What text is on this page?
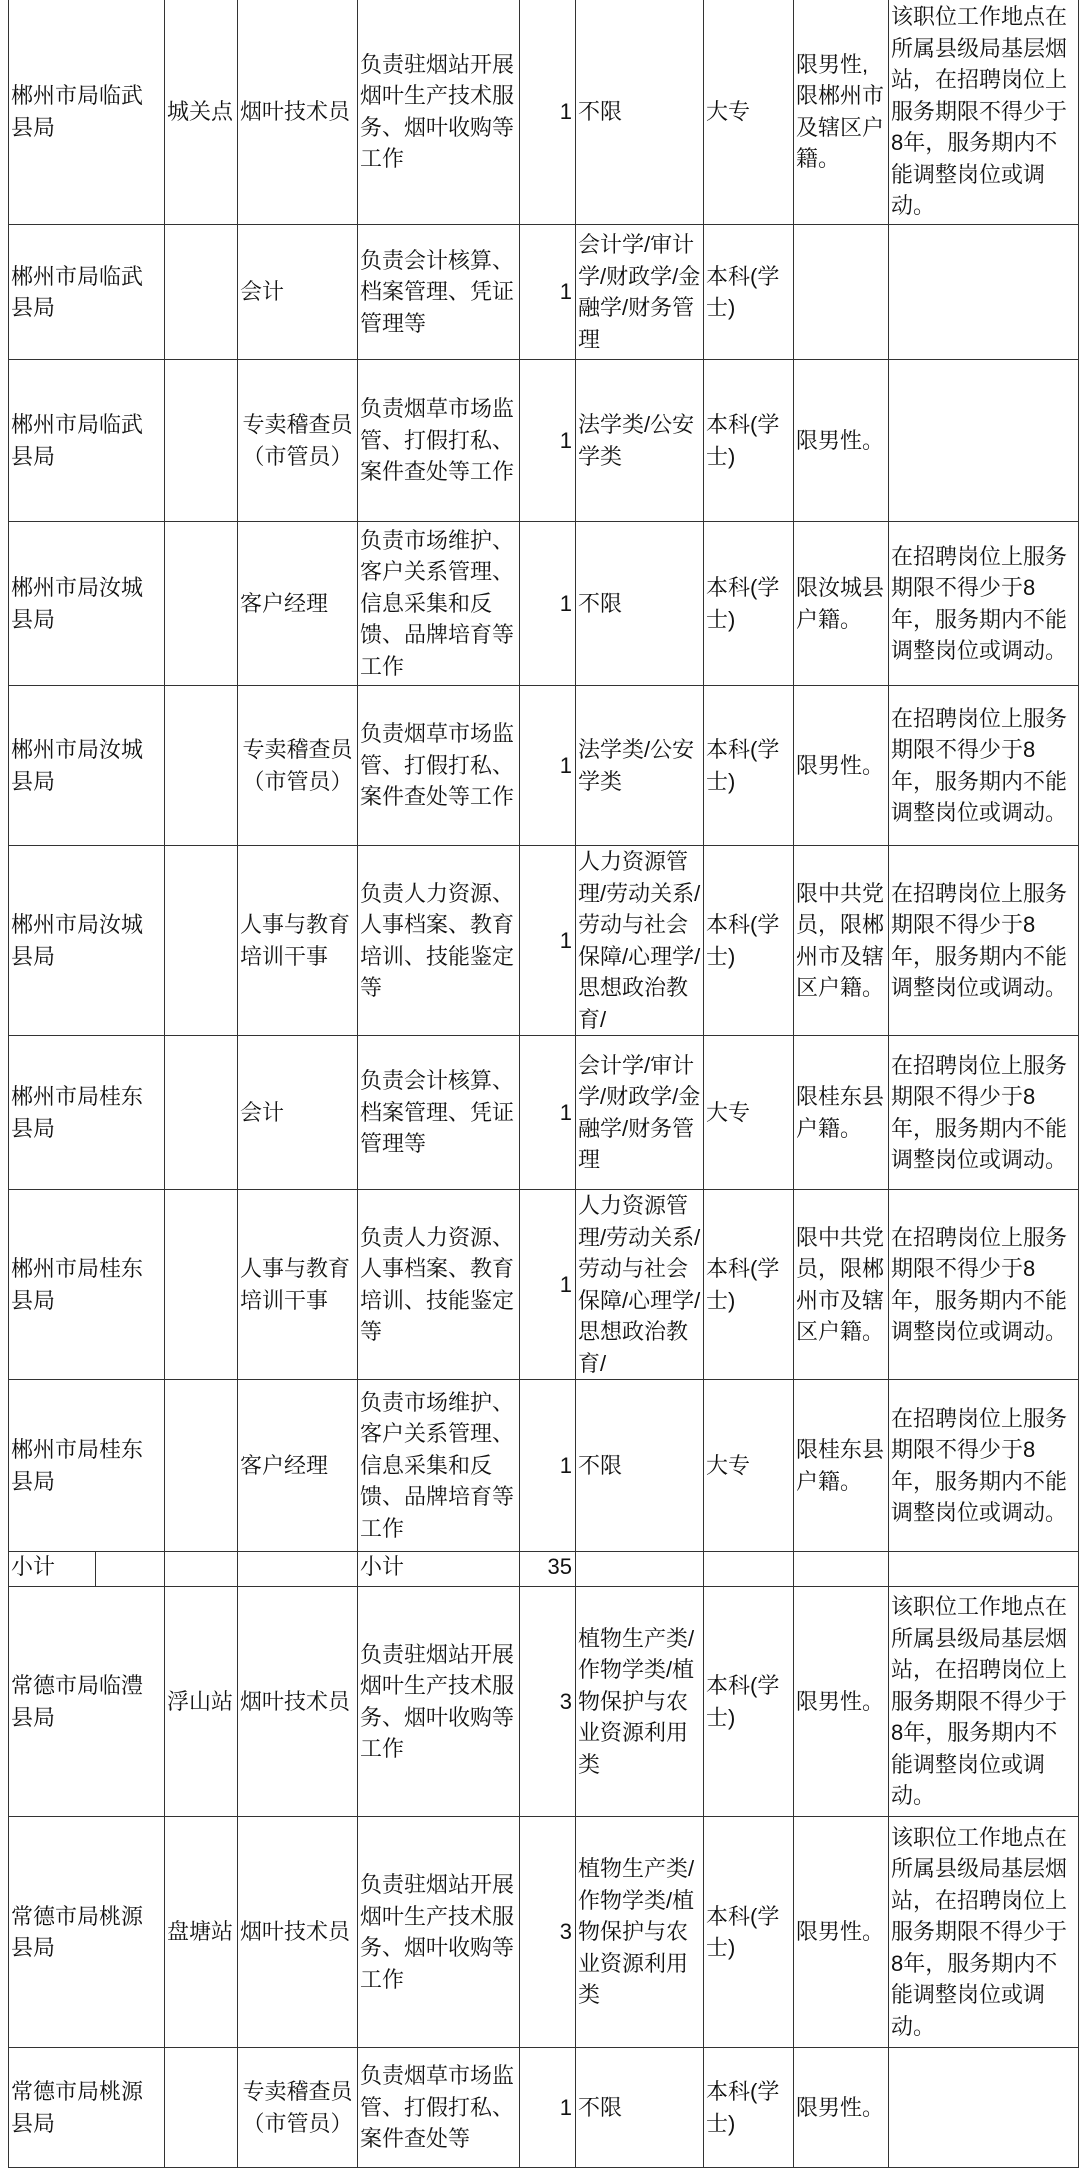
郴州市局临武县局	城关点	烟叶技术员	负责驻烟站开展烟叶生产技术服务、烟叶收购等工作	1	不限	大专	限男性,限郴州市及辖区户籍。	该职位工作地点在所属县级局基层烟站，在招聘岗位上服务期限不得少于8年，服务期内不能调整岗位或调动。
郴州市局临武县局		会计	负责会计核算、档案管理、凭证管理等	1	会计学/审计学/财政学/金融学/财务管理	本科(学士)		
郴州市局临武县局		专卖稽查员（市管员）	负责烟草市场监管、打假打私、案件查处等工作	1	法学类/公安学类	本科(学士)	限男性。	
郴州市局汝城县局		客户经理	负责市场维护、客户关系管理、信息采集和反馈、品牌培育等工作	1	不限	本科(学士)	限汝城县户籍。	在招聘岗位上服务期限不得少于8年，服务期内不能调整岗位或调动。
郴州市局汝城县局		专卖稽查员（市管员）	负责烟草市场监管、打假打私、案件查处等工作	1	法学类/公安学类	本科(学士)	限男性。	在招聘岗位上服务期限不得少于8年，服务期内不能调整岗位或调动。
郴州市局汝城县局		人事与教育培训干事	负责人力资源、人事档案、教育培训、技能鉴定等	1	人力资源管理/劳动关系/劳动与社会保障/心理学/思想政治教育/	本科(学士)	限中共党员，限郴州市及辖区户籍。	在招聘岗位上服务期限不得少于8年，服务期内不能调整岗位或调动。
郴州市局桂东县局		会计	负责会计核算、档案管理、凭证管理等	1	会计学/审计学/财政学/金融学/财务管理	大专	限桂东县户籍。	在招聘岗位上服务期限不得少于8年，服务期内不能调整岗位或调动。
郴州市局桂东县局		人事与教育培训干事	负责人力资源、人事档案、教育培训、技能鉴定等	1	人力资源管理/劳动关系/劳动与社会保障/心理学/思想政治教育/	本科(学士)	限中共党员，限郴州市及辖区户籍。	在招聘岗位上服务期限不得少于8年，服务期内不能调整岗位或调动。
郴州市局桂东县局		客户经理	负责市场维护、客户关系管理、信息采集和反馈、品牌培育等工作	1	不限	大专	限桂东县户籍。	在招聘岗位上服务期限不得少于8年，服务期内不能调整岗位或调动。

小计			小计	35				
常德市局临澧县局	浮山站	烟叶技术员	负责驻烟站开展烟叶生产技术服务、烟叶收购等工作	3	植物生产类/作物学类/植物保护与农业资源利用类	本科(学士)	限男性。	该职位工作地点在所属县级局基层烟站，在招聘岗位上服务期限不得少于8年，服务期内不能调整岗位或调动。
常德市局桃源县局	盘塘站	烟叶技术员	负责驻烟站开展烟叶生产技术服务、烟叶收购等工作	3	植物生产类/作物学类/植物保护与农业资源利用类	本科(学士)	限男性。	该职位工作地点在所属县级局基层烟站，在招聘岗位上服务期限不得少于8年，服务期内不能调整岗位或调动。
常德市局桃源县局		专卖稽查员（市管员）	负责烟草市场监管、打假打私、案件查处等	1	不限	本科(学士)	限男性。	
